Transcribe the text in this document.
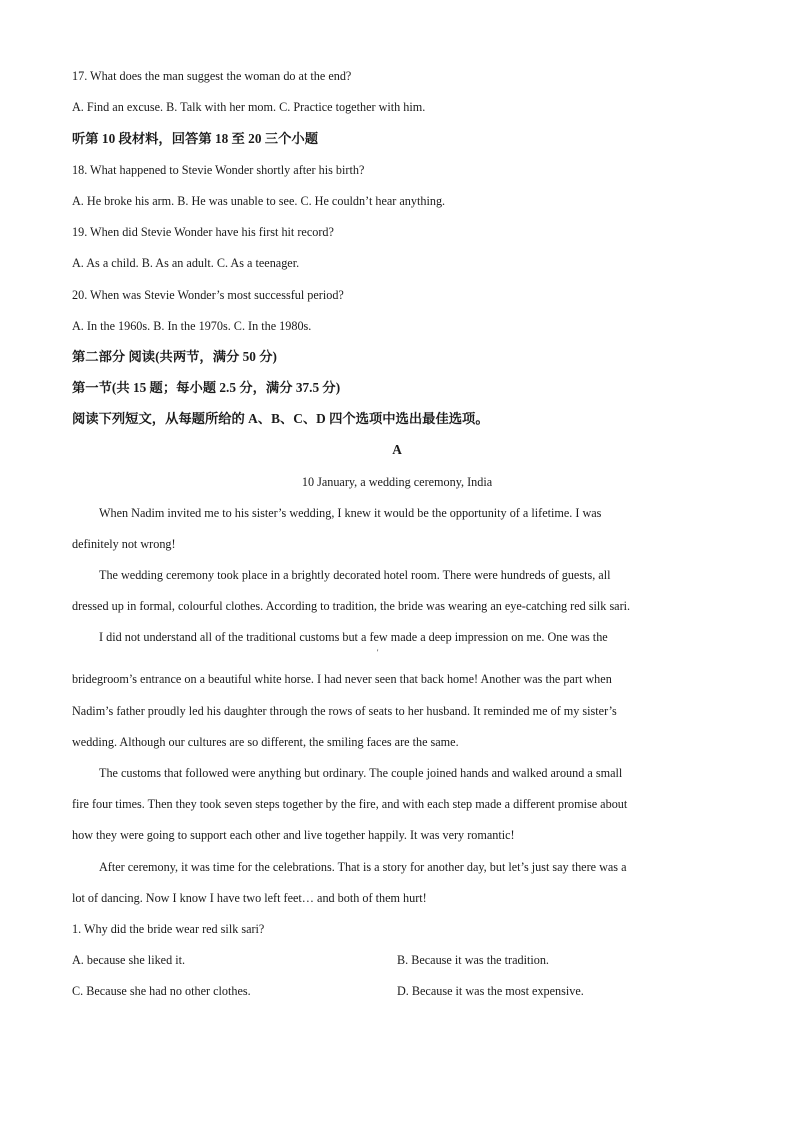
17. What does the man suggest the woman do at the end?
A. Find an excuse. B. Talk with her mom. C. Practice together with him.
听第 10 段材料，回答第 18 至 20 三个小题
18. What happened to Stevie Wonder shortly after his birth?
A. He broke his arm. B. He was unable to see. C. He couldn’t hear anything.
19. When did Stevie Wonder have his first hit record?
A. As a child. B. As an adult. C. As a teenager.
20. When was Stevie Wonder’s most successful period?
A. In the 1960s. B. In the 1970s. C. In the 1980s.
第二部分 阅读(共两节，满分 50 分)
第一节(共 15 题；每小题 2.5 分，满分 37.5 分)
阅读下列短文，从每题所给的 A、B、C、D 四个选项中选出最佳选项。
A
10 January, a wedding ceremony, India
When Nadim invited me to his sister’s wedding, I knew it would be the opportunity of a lifetime. I was
definitely not wrong!
The wedding ceremony took place in a brightly decorated hotel room. There were hundreds of guests, all
dressed up in formal, colourful clothes. According to tradition, the bride was wearing an eye-catching red silk sari.
I did not understand all of the traditional customs but a few made a deep impression on me. One was the
'
bridegroom’s entrance on a beautiful white horse. I had never seen that back home! Another was the part when
Nadim’s father proudly led his daughter through the rows of seats to her husband. It reminded me of my sister’s
wedding. Although our cultures are so different, the smiling faces are the same.
The customs that followed were anything but ordinary. The couple joined hands and walked around a small
fire four times. Then they took seven steps together by the fire, and with each step made a different promise about
how they were going to support each other and live together happily. It was very romantic!
After ceremony, it was time for the celebrations. That is a story for another day, but let’s just say there was a
lot of dancing. Now I know I have two left feet… and both of them hurt!
1. Why did the bride wear red silk sari?
A. because she liked it.	B. Because it was the tradition.
C. Because she had no other clothes.	D. Because it was the most expensive.
